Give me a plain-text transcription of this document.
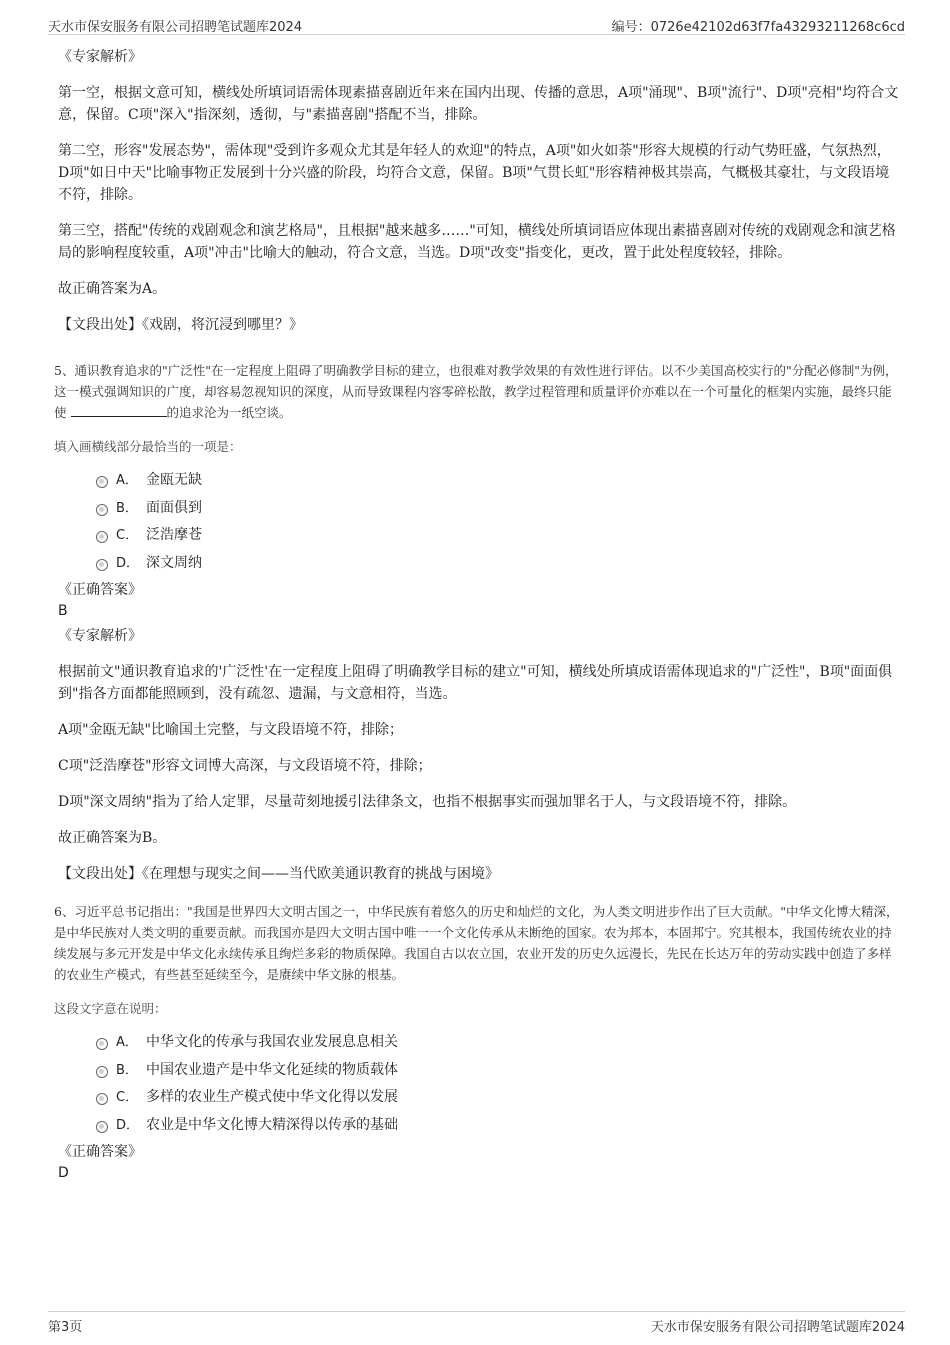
天水市保安服务有限公司招聘笔试题库2024	编号：0726e42102d63f7fa43293211268c6cd
《专家解析》

第一空，根据文意可知，横线处所填词语需体现素描喜剧近年来在国内出现、传播的意思，A项"涌现"、B项"流行"、D项"亮相"均符合文意，保留。C项"深入"指深刻，透彻，与"素描喜剧"搭配不当，排除。

第二空，形容"发展态势"，需体现"受到许多观众尤其是年轻人的欢迎"的特点，A项"如火如荼"形容大规模的行动气势旺盛，气氛热烈，D项"如日中天"比喻事物正发展到十分兴盛的阶段，均符合文意，保留。B项"气贯长虹"形容精神极其崇高，气概极其豪壮，与文段语境不符，排除。

第三空，搭配"传统的戏剧观念和演艺格局"，且根据"越来越多……"可知，横线处所填词语应体现出素描喜剧对传统的戏剧观念和演艺格局的影响程度较重，A项"冲击"比喻大的触动，符合文意，当选。D项"改变"指变化，更改，置于此处程度较轻，排除。

故正确答案为A。

【文段出处】《戏剧，将沉浸到哪里？》

5、通识教育追求的"广泛性"在一定程度上阻碍了明确教学目标的建立，也很难对教学效果的有效性进行评估。以不少美国高校实行的"分配必修制"为例，这一模式强调知识的广度，却容易忽视知识的深度，从而导致课程内容零碎松散，教学过程管理和质量评价亦难以在一个可量化的框架内实施，最终只能使	的追求沦为一纸空谈。

填入画横线部分最恰当的一项是：

A． 金瓯无缺
B． 面面俱到
C． 泛浩摩苍
D． 深文周纳
《正确答案》
B
《专家解析》

根据前文"通识教育追求的'广泛性'在一定程度上阻碍了明确教学目标的建立"可知，横线处所填成语需体现追求的"广泛性"，B项"面面俱到"指各方面都能照顾到，没有疏忽、遗漏，与文意相符，当选。

A项"金瓯无缺"比喻国土完整，与文段语境不符，排除；

C项"泛浩摩苍"形容文词博大高深，与文段语境不符，排除；

D项"深文周纳"指为了给人定罪，尽量苛刻地援引法律条文，也指不根据事实而强加罪名于人，与文段语境不符，排除。

故正确答案为B。

【文段出处】《在理想与现实之间——当代欧美通识教育的挑战与困境》

6、习近平总书记指出："我国是世界四大文明古国之一，中华民族有着悠久的历史和灿烂的文化，为人类文明进步作出了巨大贡献。"中华文化博大精深，是中华民族对人类文明的重要贡献。而我国亦是四大文明古国中唯一一个文化传承从未断绝的国家。农为邦本，本固邦宁。究其根本，我国传统农业的持续发展与多元开发是中华文化永续传承且绚烂多彩的物质保障。我国自古以农立国，农业开发的历史久远漫长，先民在长达万年的劳动实践中创造了多样的农业生产模式，有些甚至延续至今，是赓续中华文脉的根基。

这段文字意在说明：

A． 中华文化的传承与我国农业发展息息相关
B． 中国农业遗产是中华文化延续的物质载体
C． 多样的农业生产模式使中华文化得以发展
D． 农业是中华文化博大精深得以传承的基础
《正确答案》
D
第3页	天水市保安服务有限公司招聘笔试题库2024
